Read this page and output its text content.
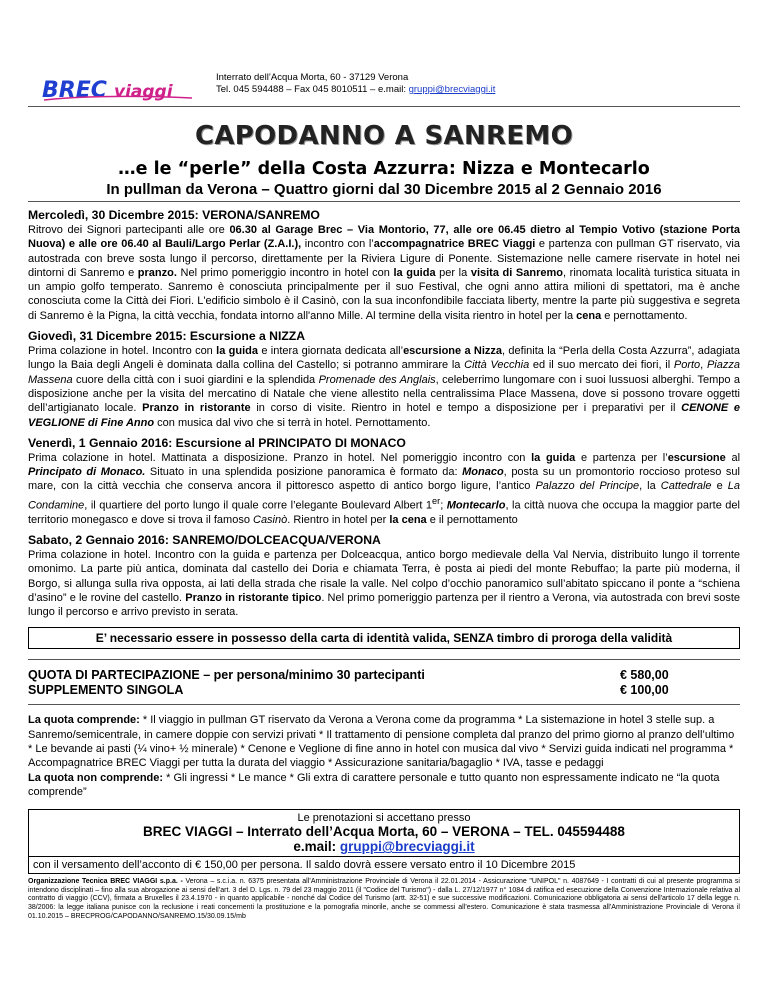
BREC viaggi
Interrato dell’Acqua Morta, 60 - 37129 Verona
Tel. 045 594488 – Fax 045 8010511 – e.mail: gruppi@brecviaggi.it
CAPODANNO A SANREMO
…e le “perle” della Costa Azzurra: Nizza e Montecarlo
In pullman da Verona – Quattro giorni dal 30 Dicembre 2015 al 2 Gennaio 2016
Mercoledì, 30 Dicembre 2015: VERONA/SANREMO

Ritrovo dei Signori partecipanti alle ore 06.30 al Garage Brec – Via Montorio, 77, alle ore 06.45 dietro al Tempio Votivo (stazione Porta Nuova) e alle ore 06.40 al Bauli/Largo Perlar (Z.A.I.), incontro con l’accompagnatrice BREC Viaggi e partenza con pullman GT riservato, via autostrada con breve sosta lungo il percorso, direttamente per la Riviera Ligure di Ponente. Sistemazione nelle camere riservate in hotel nei dintorni di Sanremo e pranzo. Nel primo pomeriggio incontro in hotel con la guida per la visita di Sanremo, rinomata località turistica situata in un ampio golfo temperato. Sanremo è conosciuta principalmente per il suo Festival, che ogni anno attira milioni di spettatori, ma è anche conosciuta come la Città dei Fiori. L'edificio simbolo è il Casinò, con la sua inconfondibile facciata liberty, mentre la parte più suggestiva e segreta di Sanremo è la Pigna, la città vecchia, fondata intorno all'anno Mille. Al termine della visita rientro in hotel per la cena e pernottamento.

Giovedì, 31 Dicembre 2015: Escursione a NIZZA

Prima colazione in hotel. Incontro con la guida e intera giornata dedicata all’escursione a Nizza, definita la “Perla della Costa Azzurra”, adagiata lungo la Baia degli Angeli è dominata dalla collina del Castello; si potranno ammirare la Città Vecchia ed il suo mercato dei fiori, il Porto, Piazza Massena cuore della città con i suoi giardini e la splendida Promenade des Anglais, celeberrimo lungomare con i suoi lussuosi alberghi. Tempo a disposizione anche per la visita del mercatino di Natale che viene allestito nella centralissima Place Massena, dove si possono trovare oggetti dell’artigianato locale. Pranzo in ristorante in corso di visite. Rientro in hotel e tempo a disposizione per i preparativi per il CENONE e VEGLIONE di Fine Anno con musica dal vivo che si terrà in hotel. Pernottamento.

Venerdì, 1 Gennaio 2016: Escursione al PRINCIPATO DI MONACO

Prima colazione in hotel. Mattinata a disposizione. Pranzo in hotel. Nel pomeriggio incontro con la guida e partenza per l’escursione al Principato di Monaco. Situato in una splendida posizione panoramica è formato da: Monaco, posta su un promontorio roccioso proteso sul mare, con la città vecchia che conserva ancora il pittoresco aspetto di antico borgo ligure, l’antico Palazzo del Principe, la Cattedrale e La Condamine, il quartiere del porto lungo il quale corre l’elegante Boulevard Albert 1er; Montecarlo, la città nuova che occupa la maggior parte del territorio monegasco e dove si trova il famoso Casinò. Rientro in hotel per la cena e il pernottamento

Sabato, 2 Gennaio 2016: SANREMO/DOLCEACQUA/VERONA

Prima colazione in hotel. Incontro con la guida e partenza per Dolceacqua, antico borgo medievale della Val Nervia, distribuito lungo il torrente omonimo. La parte più antica, dominata dal castello dei Doria e chiamata Terra, è posta ai piedi del monte Rebuffao; la parte più moderna, il Borgo, si allunga sulla riva opposta, ai lati della strada che risale la valle. Nel colpo d’occhio panoramico sull’abitato spiccano il ponte a “schiena d’asino” e le rovine del castello. Pranzo in ristorante tipico. Nel primo pomeriggio partenza per il rientro a Verona, via autostrada con brevi soste lungo il percorso e arrivo previsto in serata.

E’ necessario essere in possesso della carta di identità valida, SENZA timbro di proroga della validità
QUOTA DI PARTECIPAZIONE – per persona/minimo 30 partecipanti
SUPPLEMENTO SINGOLA
€ 580,00
€ 100,00
La quota comprende: * Il viaggio in pullman GT riservato da Verona a Verona come da programma * La sistemazione in hotel 3 stelle sup. a Sanremo/semicentrale, in camere doppie con servizi privati * Il trattamento di pensione completa dal pranzo del primo giorno al pranzo dell’ultimo * Le bevande ai pasti (¼ vino+ ½ minerale) * Cenone e Veglione di fine anno in hotel con musica dal vivo * Servizi guida indicati nel programma * Accompagnatrice BREC Viaggi per tutta la durata del viaggio * Assicurazione sanitaria/bagaglio * IVA, tasse e pedaggi
La quota non comprende: * Gli ingressi * Le mance * Gli extra di carattere personale e tutto quanto non espressamente indicato ne “la quota comprende”
Le prenotazioni si accettano presso
BREC VIAGGI – Interrato dell’Acqua Morta, 60 – VERONA – TEL. 045594488
e.mail: gruppi@brecviaggi.it
con il versamento dell’acconto di € 150,00 per persona. Il saldo dovrà essere versato entro il 10 Dicembre 2015
Organizzazione Tecnica BREC VIAGGI s.p.a. - Verona – s.c.i.a. n. 6375 presentata all’Amministrazione Provinciale di Verona il 22.01.2014 - Assicurazione "UNIPOL" n. 4087649 - I contratti di cui al presente programma si intendono disciplinati – fino alla sua abrogazione ai sensi dell’art. 3 del D. Lgs. n. 79 del 23 maggio 2011 (il "Codice del Turismo") - dalla L. 27/12/1977 n° 1084 di ratifica ed esecuzione della Convenzione Internazionale relativa al contratto di viaggio (CCV), firmata a Bruxelles il 23.4.1970 - in quanto applicabile - nonché dal Codice del Turismo (artt. 32-51) e sue successive modificazioni. Comunicazione obbligatoria ai sensi dell'articolo 17 della legge n. 38/2006: la legge italiana punisce con la reclusione i reati concernenti la prostituzione e la pornografia minorile, anche se commessi all’estero. Comunicazione è stata trasmessa all’Amministrazione Provinciale di Verona il 01.10.2015 – BRECPROG/CAPODANNO/SANREMO.15/30.09.15/mb
